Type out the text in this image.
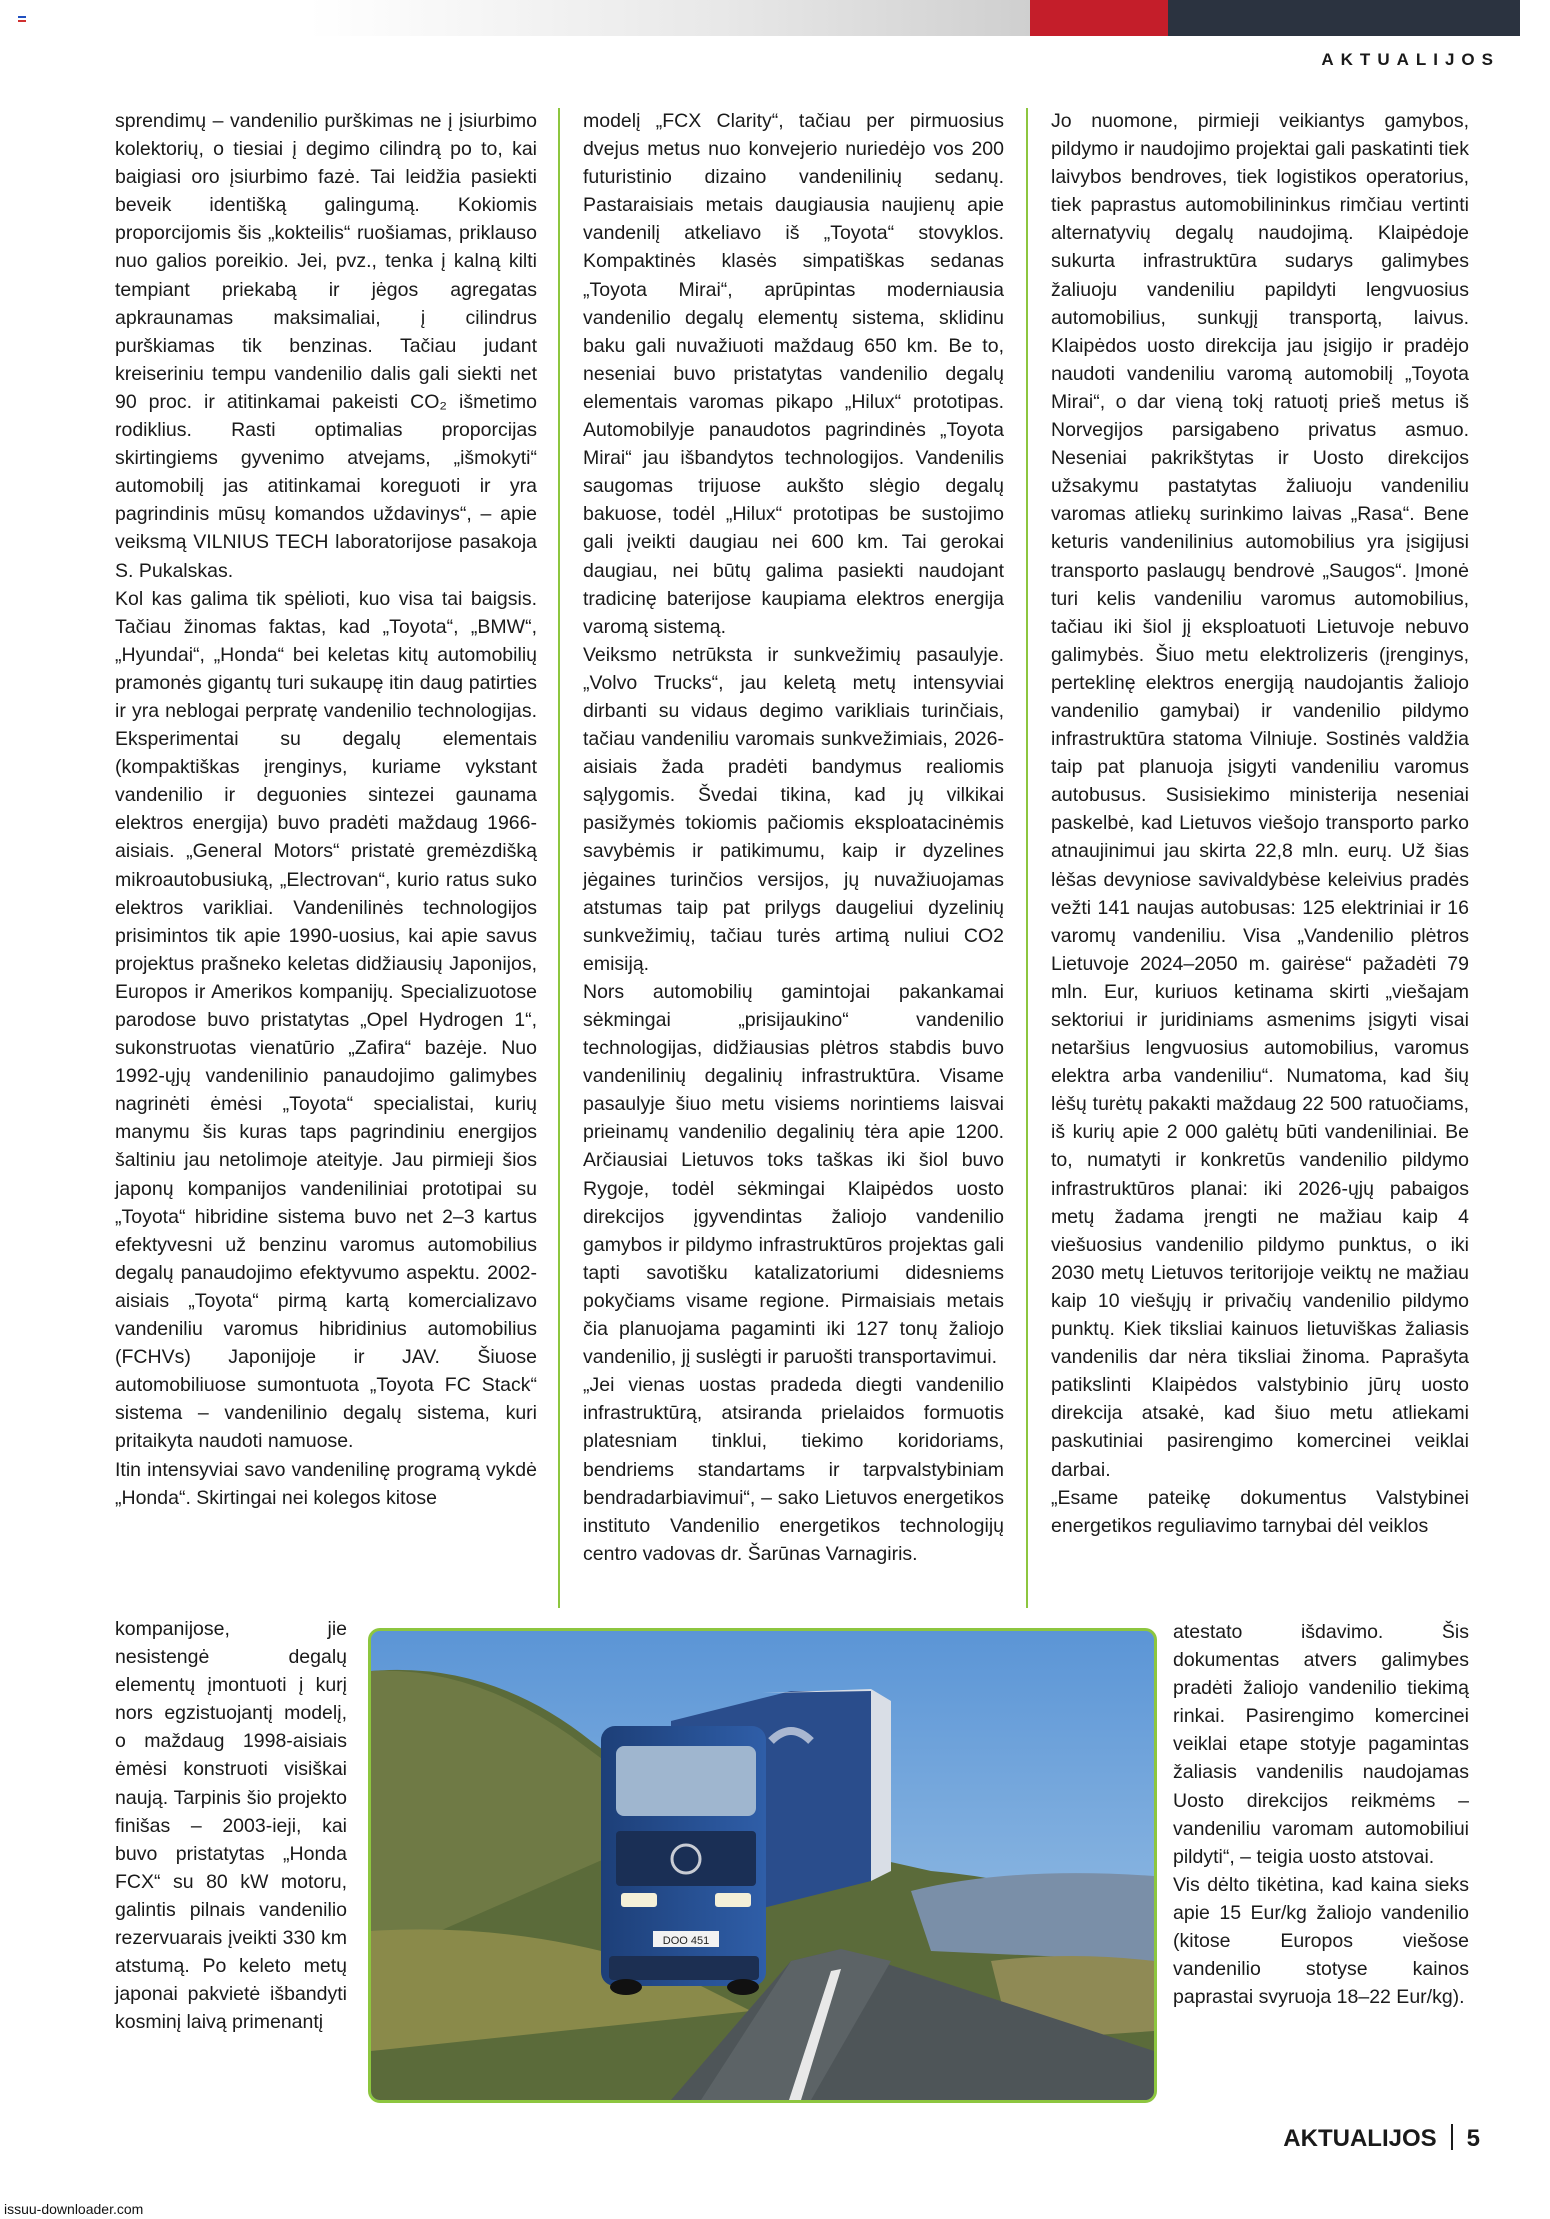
AKTUALIJOS

sprendimų – vandenilio purškimas ne į įsiurbimo kolektorių, o tiesiai į degimo cilindrą po to, kai baigiasi oro įsiurbimo fazė. Tai leidžia pasiekti beveik identišką galingumą. Kokiomis proporcijomis šis „kokteilis“ ruošiamas, priklauso nuo galios poreikio. Jei, pvz., tenka į kalną kilti tempiant priekabą ir jėgos agregatas apkraunamas maksimaliai, į cilindrus purškiamas tik benzinas. Tačiau judant kreiseriniu tempu vandenilio dalis gali siekti net 90 proc. ir atitinkamai pakeisti CO₂ išmetimo rodiklius. Rasti optimalias proporcijas skirtingiems gyvenimo atvejams, „išmokyti“ automobilį jas atitinkamai koreguoti ir yra pagrindinis mūsų komandos uždavinys“, – apie veiksmą VILNIUS TECH laboratorijose pasakoja S. Pukalskas.

Kol kas galima tik spėlioti, kuo visa tai baigsis. Tačiau žinomas faktas, kad „Toyota“, „BMW“, „Hyundai“, „Honda“ bei keletas kitų automobilių pramonės gigantų turi sukaupę itin daug patirties ir yra neblogai perpratę vandenilio technologijas. Eksperimentai su degalų elementais (kompaktiškas įrenginys, kuriame vykstant vandenilio ir deguonies sintezei gaunama elektros energija) buvo pradėti maždaug 1966-aisiais. „General Motors“ pristatė gremėzdišką mikroautobusiuką, „Electrovan“, kurio ratus suko elektros varikliai. Vandenilinės technologijos prisimintos tik apie 1990-uosius, kai apie savus projektus prašneko keletas didžiausių Japonijos, Europos ir Amerikos kompanijų. Specializuotose parodose buvo pristatytas „Opel Hydrogen 1“, sukonstruotas vienatūrio „Zafira“ bazėje. Nuo 1992-ųjų vandenilinio panaudojimo galimybes nagrinėti ėmėsi „Toyota“ specialistai, kurių manymu šis kuras taps pagrindiniu energijos šaltiniu jau netolimoje ateityje. Jau pirmieji šios japonų kompanijos vandeniliniai prototipai su „Toyota“ hibridine sistema buvo net 2–3 kartus efektyvesni už benzinu varomus automobilius degalų panaudojimo efektyvumo aspektu. 2002-aisiais „Toyota“ pirmą kartą komercializavo vandeniliu varomus hibridinius automobilius (FCHVs) Japonijoje ir JAV. Šiuose automobiliuose sumontuota „Toyota FC Stack“ sistema – vandenilinio degalų sistema, kuri pritaikyta naudoti namuose.

Itin intensyviai savo vandenilinę programą vykdė „Honda“. Skirtingai nei kolegos kitose

kompanijose, jie nesistengė degalų elementų įmontuoti į kurį nors egzistuojantį modelį, o maždaug 1998-aisiais ėmėsi konstruoti visiškai naują. Tarpinis šio projekto finišas – 2003-ieji, kai buvo pristatytas „Honda FCX“ su 80 kW motoru, galintis pilnais vandenilio rezervuarais įveikti 330 km atstumą. Po keleto metų japonai pakvietė išbandyti kosminį laivą primenantį

modelį „FCX Clarity“, tačiau per pirmuosius dvejus metus nuo konvejerio nuriedėjo vos 200 futuristinio dizaino vandenilinių sedanų. Pastaraisiais metais daugiausia naujienų apie vandenilį atkeliavo iš „Toyota“ stovyklos. Kompaktinės klasės simpatiškas sedanas „Toyota Mirai“, aprūpintas moderniausia vandenilio degalų elementų sistema, sklidinu baku gali nuvažiuoti maždaug 650 km. Be to, neseniai buvo pristatytas vandenilio degalų elementais varomas pikapo „Hilux“ prototipas. Automobilyje panaudotos pagrindinės „Toyota Mirai“ jau išbandytos technologijos. Vandenilis saugomas trijuose aukšto slėgio degalų bakuose, todėl „Hilux“ prototipas be sustojimo gali įveikti daugiau nei 600 km. Tai gerokai daugiau, nei būtų galima pasiekti naudojant tradicinę baterijose kaupiama elektros energija varomą sistemą.

Veiksmo netrūksta ir sunkvežimių pasaulyje. „Volvo Trucks“, jau keletą metų intensyviai dirbanti su vidaus degimo varikliais turinčiais, tačiau vandeniliu varomais sunkvežimiais, 2026-aisiais žada pradėti bandymus realiomis sąlygomis. Švedai tikina, kad jų vilkikai pasižymės tokiomis pačiomis eksploatacinėmis savybėmis ir patikimumu, kaip ir dyzelines jėgaines turinčios versijos, jų nuvažiuojamas atstumas taip pat prilygs daugeliui dyzelinių sunkvežimių, tačiau turės artimą nuliui CO2 emisiją.

Nors automobilių gamintojai pakankamai sėkmingai „prisijaukino“ vandenilio technologijas, didžiausias plėtros stabdis buvo vandenilinių degalinių infrastruktūra. Visame pasaulyje šiuo metu visiems norintiems laisvai prieinamų vandenilio degalinių tėra apie 1200. Arčiausiai Lietuvos toks taškas iki šiol buvo Rygoje, todėl sėkmingai Klaipėdos uosto direkcijos įgyvendintas žaliojo vandenilio gamybos ir pildymo infrastruktūros projektas gali tapti savotišku katalizatoriumi didesniems pokyčiams visame regione. Pirmaisiais metais čia planuojama pagaminti iki 127 tonų žaliojo vandenilio, jį suslėgti ir paruošti transportavimui.

„Jei vienas uostas pradeda diegti vandenilio infrastruktūrą, atsiranda prielaidos formuotis platesniam tinklui, tiekimo koridoriams, bendriems standartams ir tarpvalstybiniam bendradarbiavimui“, – sako Lietuvos energetikos instituto Vandenilio energetikos technologijų centro vadovas dr. Šarūnas Varnagiris.

Jo nuomone, pirmieji veikiantys gamybos, pildymo ir naudojimo projektai gali paskatinti tiek laivybos bendroves, tiek logistikos operatorius, tiek paprastus automobilininkus rimčiau vertinti alternatyvių degalų naudojimą. Klaipėdoje sukurta infrastruktūra sudarys galimybes žaliuoju vandeniliu papildyti lengvuosius automobilius, sunkųjį transportą, laivus. Klaipėdos uosto direkcija jau įsigijo ir pradėjo naudoti vandeniliu varomą automobilį „Toyota Mirai“, o dar vieną tokį ratuotį prieš metus iš Norvegijos parsigabeno privatus asmuo. Neseniai pakrikštytas ir Uosto direkcijos užsakymu pastatytas žaliuoju vandeniliu varomas atliekų surinkimo laivas „Rasa“. Bene keturis vandenilinius automobilius yra įsigijusi transporto paslaugų bendrovė „Saugos“. Įmonė turi kelis vandeniliu varomus automobilius, tačiau iki šiol jį eksploatuoti Lietuvoje nebuvo galimybės. Šiuo metu elektrolizeris (įrenginys, perteklinę elektros energiją naudojantis žaliojo vandenilio gamybai) ir vandenilio pildymo infrastruktūra statoma Vilniuje. Sostinės valdžia taip pat planuoja įsigyti vandeniliu varomus autobusus. Susisiekimo ministerija neseniai paskelbė, kad Lietuvos viešojo transporto parko atnaujinimui jau skirta 22,8 mln. eurų. Už šias lėšas devyniose savivaldybėse keleivius pradės vežti 141 naujas autobusas: 125 elektriniai ir 16 varomų vandeniliu. Visa „Vandenilio plėtros Lietuvoje 2024–2050 m. gairėse“ pažadėti 79 mln. Eur, kuriuos ketinama skirti „viešajam sektoriui ir juridiniams asmenims įsigyti visai netaršius lengvuosius automobilius, varomus elektra arba vandeniliu“. Numatoma, kad šių lėšų turėtų pakakti maždaug 22 500 ratuočiams, iš kurių apie 2 000 galėtų būti vandeniliniai. Be to, numatyti ir konkretūs vandenilio pildymo infrastruktūros planai: iki 2026-ųjų pabaigos metų žadama įrengti ne mažiau kaip 4 viešuosius vandenilio pildymo punktus, o iki 2030 metų Lietuvos teritorijoje veiktų ne mažiau kaip 10 viešųjų ir privačių vandenilio pildymo punktų. Kiek tiksliai kainuos lietuviškas žaliasis vandenilis dar nėra tiksliai žinoma. Paprašyta patikslinti Klaipėdos valstybinio jūrų uosto direkcija atsakė, kad šiuo metu atliekami paskutiniai pasirengimo komercinei veiklai darbai.

„Esame pateikę dokumentus Valstybinei energetikos reguliavimo tarnybai dėl veiklos

atestato išdavimo. Šis dokumentas atvers galimybes pradėti žaliojo vandenilio tiekimą rinkai. Pasirengimo komercinei veiklai etape stotyje pagamintas žaliasis vandenilis naudojamas Uosto direkcijos reikmėms – vandeniliu varomam automobiliui pildyti“, – teigia uosto atstovai.

Vis dėlto tikėtina, kad kaina sieks apie 15 Eur/kg žaliojo vandenilio (kitose Europos viešose vandenilio stotyse kainos paprastai svyruoja 18–22 Eur/kg).

DOO 451
AKTUALIJOS 5
issuu-downloader.com
